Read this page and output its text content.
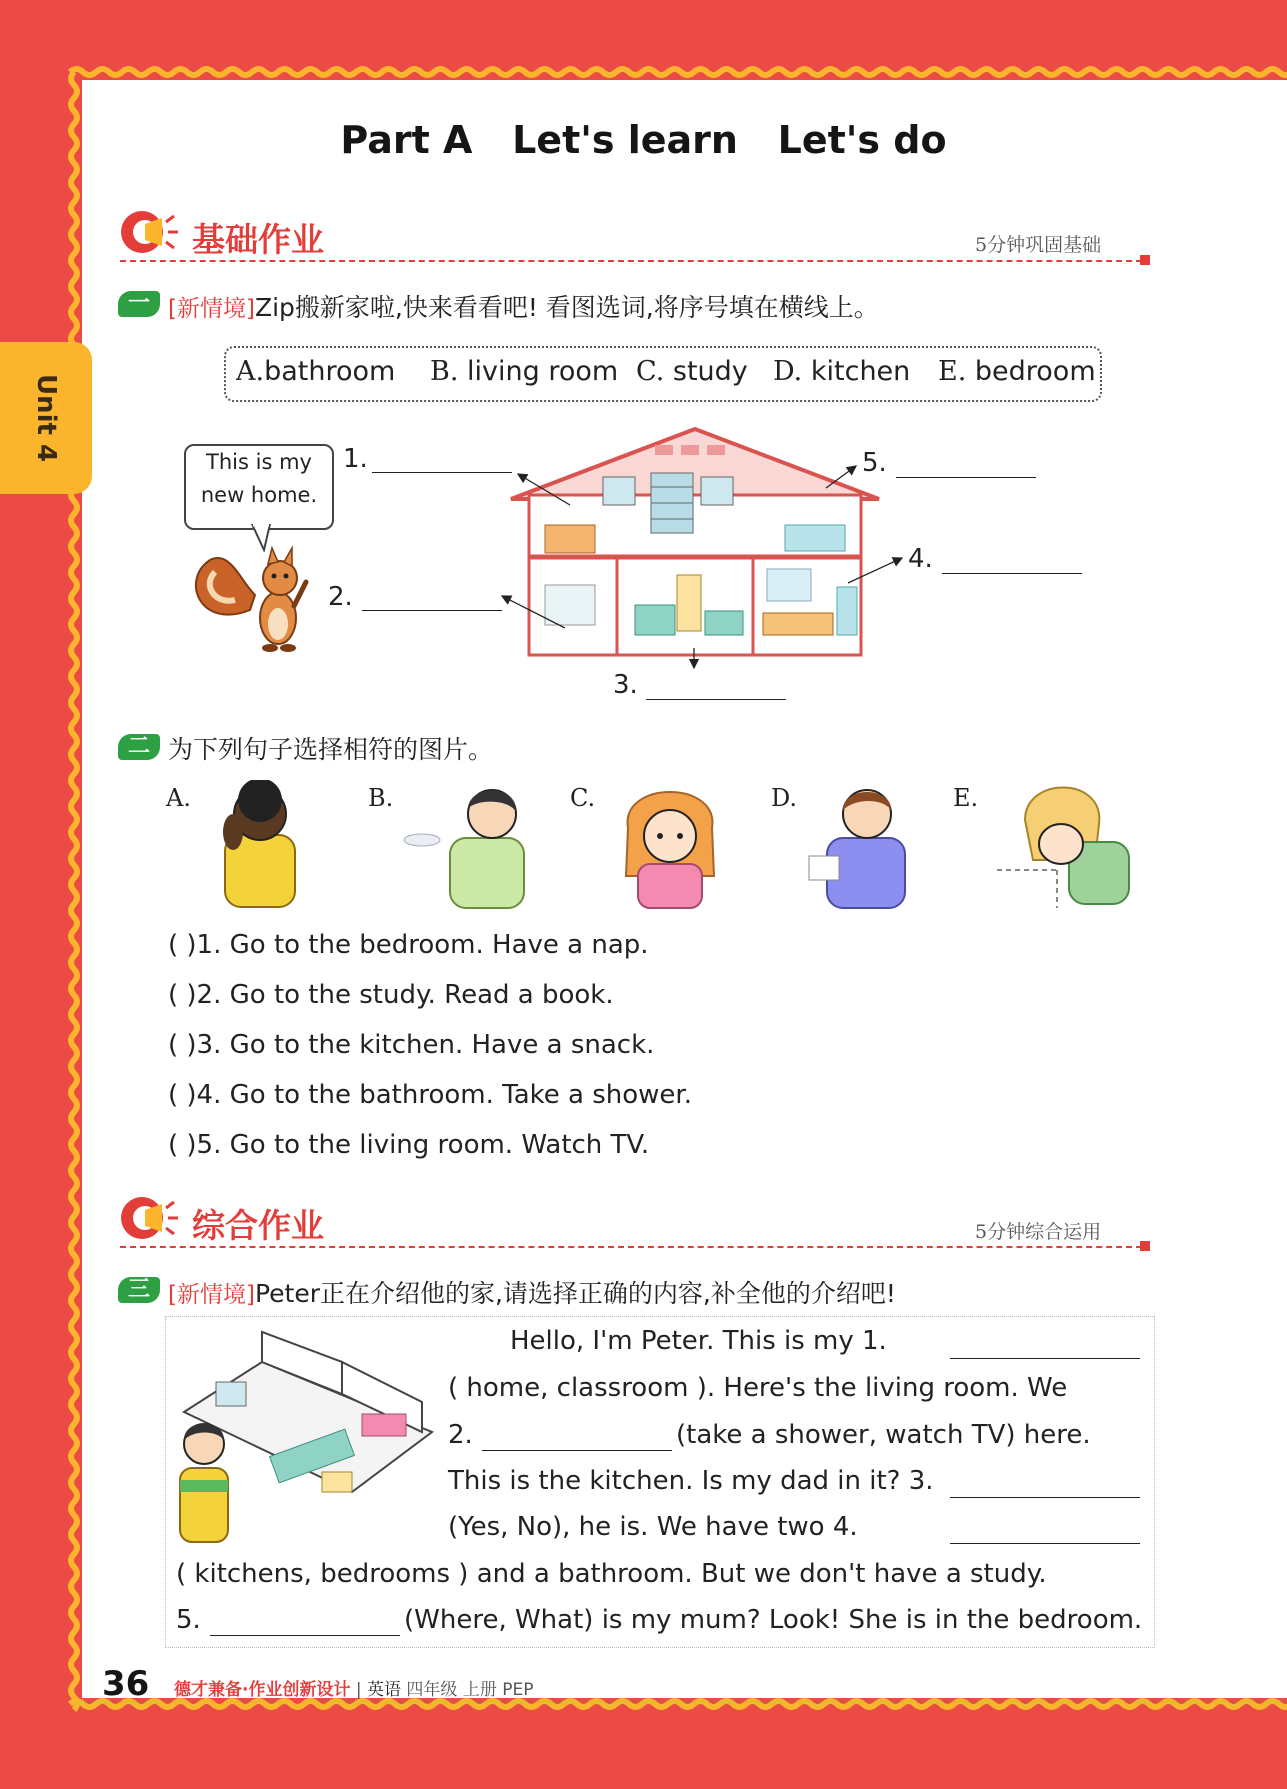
Unit 4
Part A   Let's learn   Let's do
基础作业	5分钟巩固基础
一 [新情境]Zip搬新家啦,快来看看吧! 看图选词,将序号填在横线上。
A.bathroom B. living room C. study D. kitchen E. bedroom
This is my
new home.
1.
2.
3.
4.
5.
二 为下列句子选择相符的图片。
A.	B.	C.	D.	E.
( )1. Go to the bedroom. Have a nap.
( )2. Go to the study. Read a book.
( )3. Go to the kitchen. Have a snack.
( )4. Go to the bathroom. Take a shower.
( )5. Go to the living room. Watch TV.
综合作业	5分钟综合运用
三 [新情境]Peter正在介绍他的家,请选择正确的内容,补全他的介绍吧!
Hello, I'm Peter. This is my 1.
( home, classroom ). Here's the living room. We
2.	(take a shower, watch TV) here.
This is the kitchen. Is my dad in it? 3.
(Yes, No), he is. We have two 4.
( kitchens, bedrooms ) and a bathroom. But we don't have a study.
5.	(Where, What) is my mum? Look! She is in the bedroom.
36 德才兼备·作业创新设计 | 英语 四年级 上册 PEP
